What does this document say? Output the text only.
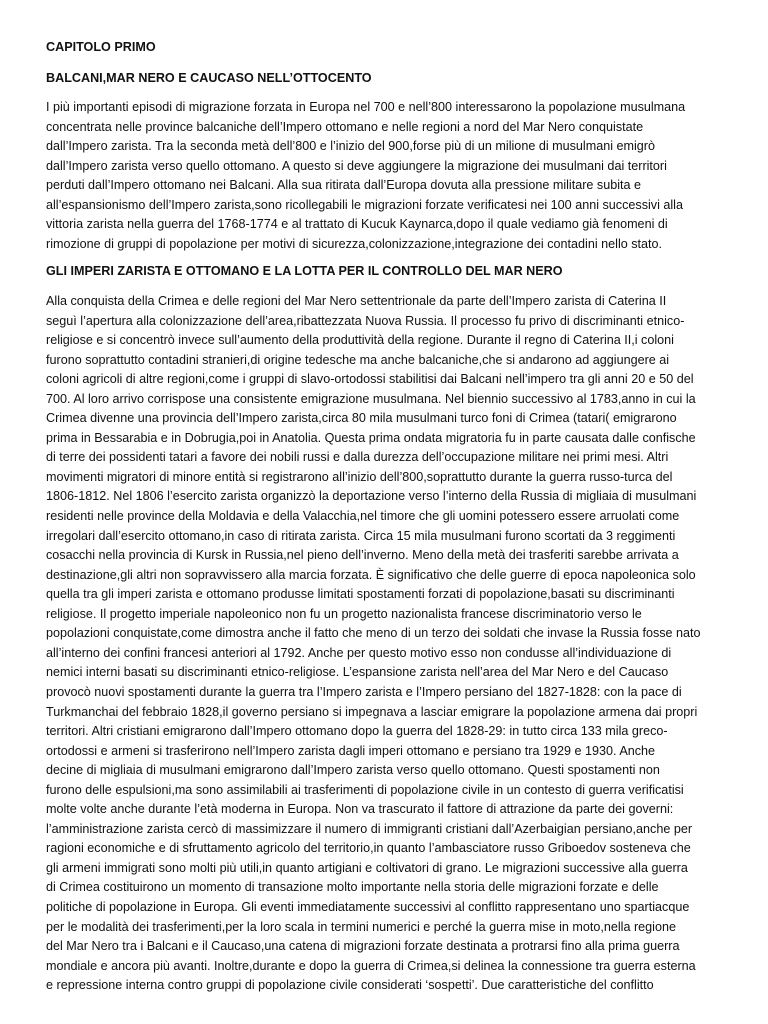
CAPITOLO PRIMO
BALCANI,MAR NERO E CAUCASO NELL’OTTOCENTO
I più importanti episodi di migrazione forzata in Europa nel 700 e nell’800 interessarono la popolazione musulmana
concentrata nelle province balcaniche dell’Impero ottomano e nelle regioni a nord del Mar Nero conquistate
dall’Impero zarista. Tra la seconda metà dell’800 e l’inizio del 900,forse più di un milione di musulmani emigrò
dall’Impero zarista verso quello ottomano. A questo si deve aggiungere la migrazione dei musulmani dai territori
perduti dall’Impero ottomano nei Balcani. Alla sua ritirata dall’Europa dovuta alla pressione militare subita e
all’espansionismo dell’Impero zarista,sono ricollegabili le migrazioni forzate verificatesi nei 100 anni successivi alla
vittoria zarista nella guerra del 1768-1774 e al trattato di Kucuk Kaynarca,dopo il quale vediamo già fenomeni di
rimozione di gruppi di popolazione per motivi di sicurezza,colonizzazione,integrazione dei contadini nello stato.
GLI IMPERI ZARISTA E OTTOMANO E LA LOTTA PER IL CONTROLLO DEL MAR NERO
Alla conquista della Crimea e delle regioni del Mar Nero settentrionale da parte dell’Impero zarista di Caterina II
seguì l’apertura alla colonizzazione dell’area,ribattezzata Nuova Russia. Il processo fu privo di discriminanti etnico-
religiose e si concentrò invece sull’aumento della produttività della regione. Durante il regno di Caterina II,i coloni
furono soprattutto contadini stranieri,di origine tedesche ma anche balcaniche,che si andarono ad aggiungere ai
coloni agricoli di altre regioni,come i gruppi di slavo-ortodossi stabilitisi dai Balcani nell’impero tra gli anni 20 e 50 del
700. Al loro arrivo corrispose una consistente emigrazione musulmana. Nel biennio successivo al 1783,anno in cui la
Crimea divenne una provincia dell’Impero zarista,circa 80 mila musulmani turco foni di Crimea (tatari( emigrarono
prima in Bessarabia e in Dobrugia,poi in Anatolia. Questa prima ondata migratoria fu in parte causata dalle confische
di terre dei possidenti tatari a favore dei nobili russi e dalla durezza dell’occupazione militare nei primi mesi. Altri
movimenti migratori di minore entità si registrarono all’inizio dell’800,soprattutto durante la guerra russo-turca del
1806-1812. Nel 1806 l’esercito zarista organizzò la deportazione verso l’interno della Russia di migliaia di musulmani
residenti nelle province della Moldavia e della Valacchia,nel timore che gli uomini potessero essere arruolati come
irregolari dall’esercito ottomano,in caso di ritirata zarista. Circa 15 mila musulmani furono scortati da 3 reggimenti
cosacchi nella provincia di Kursk in Russia,nel pieno dell’inverno. Meno della metà dei trasferiti sarebbe arrivata a
destinazione,gli altri non sopravvissero alla marcia forzata. È significativo che delle guerre di epoca napoleonica solo
quella tra gli imperi zarista e ottomano produsse limitati spostamenti forzati di popolazione,basati su discriminanti
religiose. Il progetto imperiale napoleonico non fu un progetto nazionalista francese discriminatorio verso le
popolazioni conquistate,come dimostra anche il fatto che meno di un terzo dei soldati che invase la Russia fosse nato
all’interno dei confini francesi anteriori al 1792. Anche per questo motivo esso non condusse all’individuazione di
nemici interni basati su discriminanti etnico-religiose. L’espansione zarista nell’area del Mar Nero e del Caucaso
provocò nuovi spostamenti durante la guerra tra l’Impero zarista e l’Impero persiano del 1827-1828: con la pace di
Turkmanchai del febbraio 1828,il governo persiano si impegnava a lasciar emigrare la popolazione armena dai propri
territori. Altri cristiani emigrarono dall’Impero ottomano dopo la guerra del 1828-29: in tutto circa 133 mila greco-
ortodossi e armeni si trasferirono nell’Impero zarista dagli imperi ottomano e persiano tra 1929 e 1930. Anche
decine di migliaia di musulmani emigrarono dall’Impero zarista verso quello ottomano. Questi spostamenti non
furono delle espulsioni,ma sono assimilabili ai trasferimenti di popolazione civile in un contesto di guerra verificatisi
molte volte anche durante l’età moderna in Europa. Non va trascurato il fattore di attrazione da parte dei governi:
l’amministrazione zarista cercò di massimizzare il numero di immigranti cristiani dall’Azerbaigian persiano,anche per
ragioni economiche e di sfruttamento agricolo del territorio,in quanto l’ambasciatore russo Griboedov sosteneva che
gli armeni immigrati sono molti più utili,in quanto artigiani e coltivatori di grano. Le migrazioni successive alla guerra
di Crimea costituirono un momento di transazione molto importante nella storia delle migrazioni forzate e delle
politiche di popolazione in Europa. Gli eventi immediatamente successivi al conflitto rappresentano uno spartiacque
per le modalità dei trasferimenti,per la loro scala in termini numerici e perché la guerra mise in moto,nella regione
del Mar Nero tra i Balcani e il Caucaso,una catena di migrazioni forzate destinata a protrarsi fino alla prima guerra
mondiale e ancora più avanti. Inoltre,durante e dopo la guerra di Crimea,si delinea la connessione tra guerra esterna
e repressione interna contro gruppi di popolazione civile considerati ‘sospetti’. Due caratteristiche del conflitto
